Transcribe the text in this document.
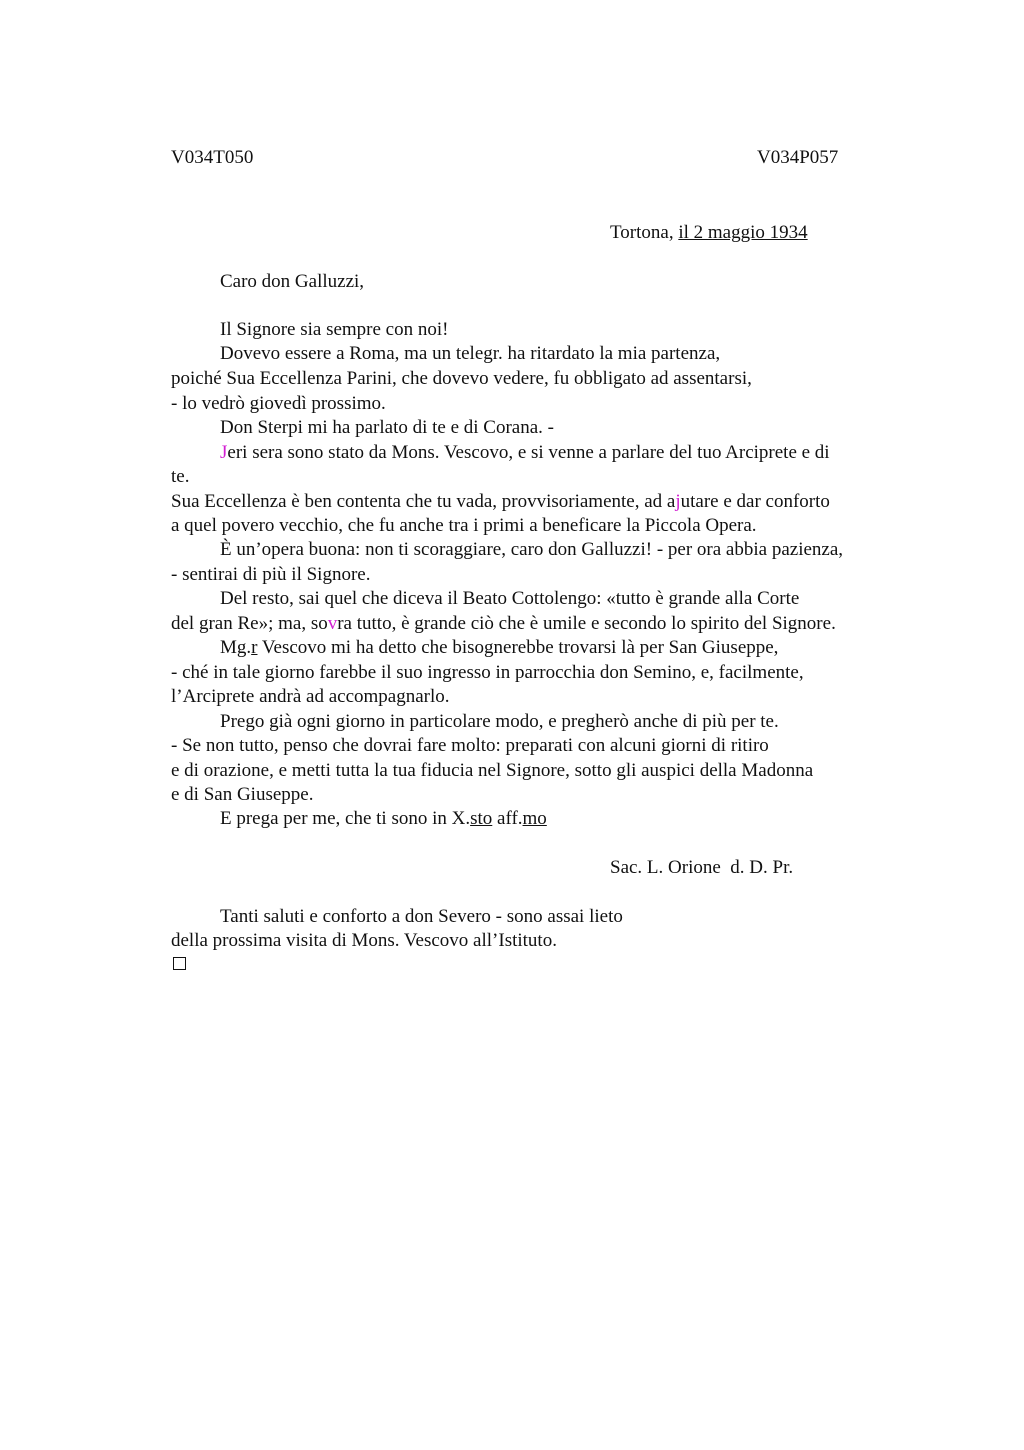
V034T050	V034P057
Tortona, il 2 maggio 1934
Caro don Galluzzi,
Il Signore sia sempre con noi!
Dovevo essere a Roma, ma un telegr. ha ritardato la mia partenza,
poiché Sua Eccellenza Parini, che dovevo vedere, fu obbligato ad assentarsi,
- lo vedrò giovedì prossimo.
Don Sterpi mi ha parlato di te e di Corana. -
Jeri sera sono stato da Mons. Vescovo, e si venne a parlare del tuo Arciprete e di
te.
Sua Eccellenza è ben contenta che tu vada, provvisoriamente, ad ajutare e dar conforto
a quel povero vecchio, che fu anche tra i primi a beneficare la Piccola Opera.
È un’opera buona: non ti scoraggiare, caro don Galluzzi! - per ora abbia pazienza,
- sentirai di più il Signore.
Del resto, sai quel che diceva il Beato Cottolengo: «tutto è grande alla Corte
del gran Re»; ma, sovra tutto, è grande ciò che è umile e secondo lo spirito del Signore.
Mg.r Vescovo mi ha detto che bisognerebbe trovarsi là per San Giuseppe,
- ché in tale giorno farebbe il suo ingresso in parrocchia don Semino, e, facilmente,
l’Arciprete andrà ad accompagnarlo.
Prego già ogni giorno in particolare modo, e pregherò anche di più per te.
- Se non tutto, penso che dovrai fare molto: preparati con alcuni giorni di ritiro
e di orazione, e metti tutta la tua fiducia nel Signore, sotto gli auspici della Madonna
e di San Giuseppe.
E prega per me, che ti sono in X.sto aff.mo
Sac. L. Orione  d. D. Pr.
Tanti saluti e conforto a don Severo - sono assai lieto
della prossima visita di Mons. Vescovo all’Istituto.
